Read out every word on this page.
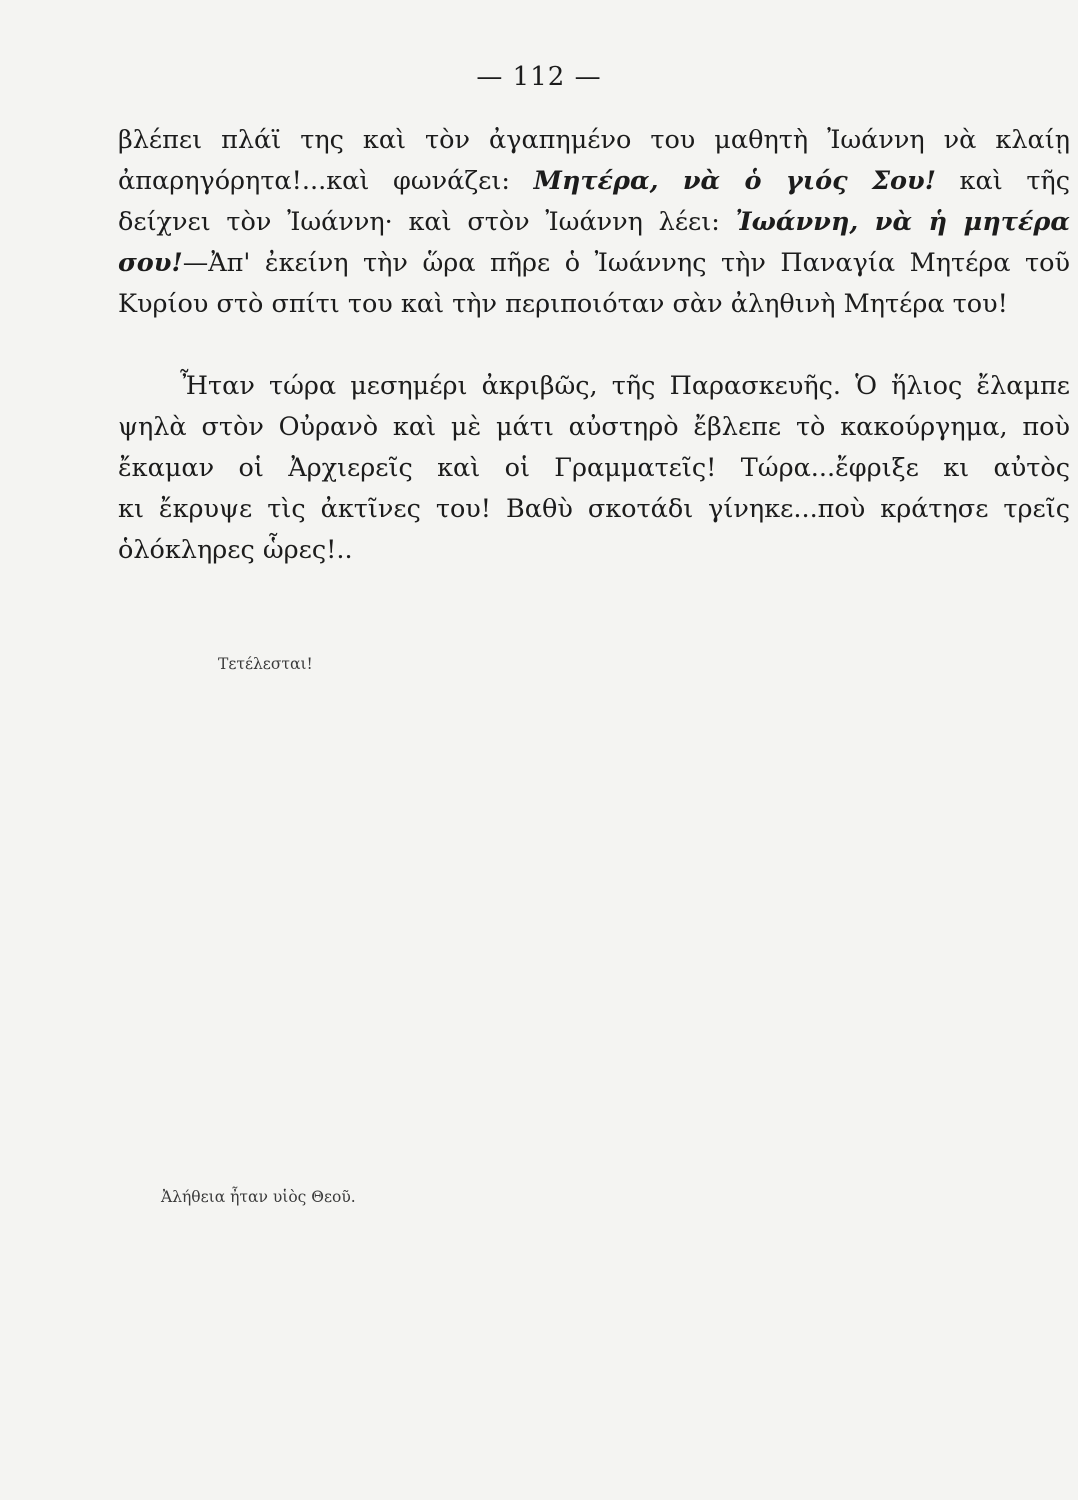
— 112 —
βλέπει πλάϊ της καὶ τὸν ἀγαπημένο του μαθητὴ Ἰωάννη νὰ κλαίῃ
ἀπαρηγόρητα!...καὶ φωνάζει: Μητέρα, νὰ ὁ γιός Σου! καὶ τῆς
δείχνει τὸν Ἰωάννη· καὶ στὸν Ἰωάννη λέει: Ἰωάννη, νὰ ἡ μητέρα
σου!—Ἀπ' ἐκείνη τὴν ὥρα πῆρε ὁ Ἰωάννης τὴν Παναγία Μητέρα τοῦ
Κυρίου στὸ σπίτι του καὶ τὴν περιποιόταν σὰν ἀληθινὴ Μητέρα του!
Ἦταν τώρα μεσημέρι ἀκριβῶς, τῆς Παρασκευῆς. Ὁ ἥλιος ἔλαμπε
ψηλὰ στὸν Οὐρανὸ καὶ μὲ μάτι αὐστηρὸ ἔβλεπε τὸ κακούργημα, ποὺ
ἔκαμαν οἱ Ἀρχιερεῖς καὶ οἱ Γραμματεῖς! Τώρα...ἔφριξε κι αὐτὸς
κι ἔκρυψε τὶς ἀκτῖνες του! Βαθὺ σκοτάδι γίνηκε...ποὺ κράτησε τρεῖς
ὁλόκληρες ὧρες!..
Τετέλεσται!
Ἀλήθεια ἦταν υἱὸς Θεοῦ.
